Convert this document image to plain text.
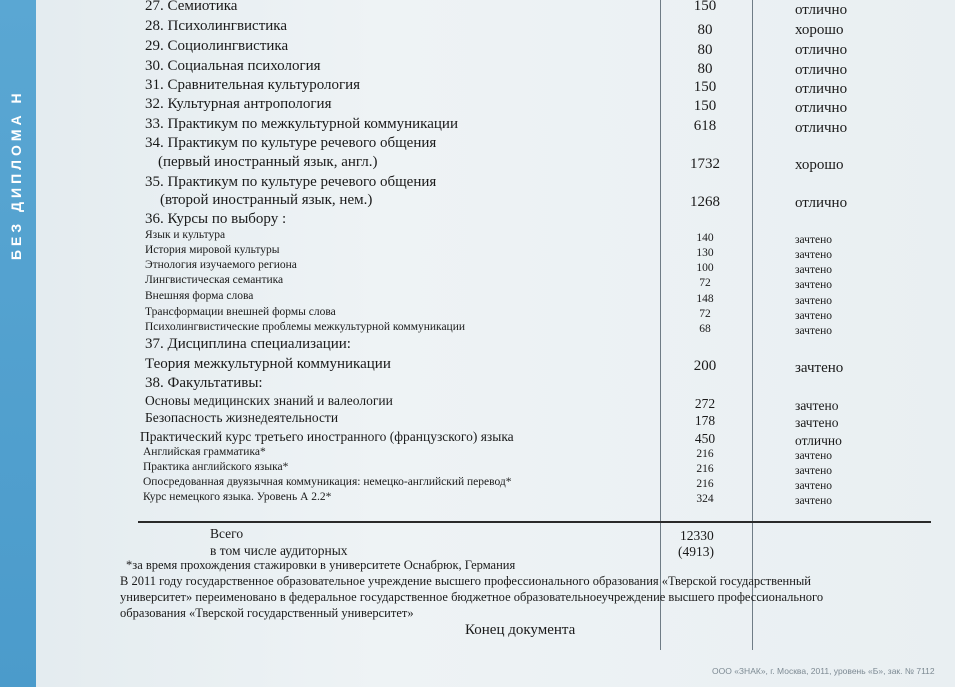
БЕЗ ДИПЛОМА Н
27. Семиотика	150	отлично
28. Психолингвистика	80	хорошо
29. Социолингвистика	80	отлично
30. Социальная психология	80	отлично
31. Сравнительная культурология	150	отлично
32. Культурная антропология	150	отлично
33. Практикум по межкультурной коммуникации	618	отлично
34. Практикум по культуре речевого общения
(первый иностранный язык, англ.)	1732	хорошо
35. Практикум по культуре речевого общения
(второй иностранный язык, нем.)	1268	отлично
36. Курсы по выбору :
Язык и культура	140	зачтено
История мировой культуры	130	зачтено
Этнология изучаемого региона	100	зачтено
Лингвистическая семантика	72	зачтено
Внешняя форма слова	148	зачтено
Трансформации внешней формы слова	72	зачтено
Психолингвистические проблемы межкультурной коммуникации	68	зачтено
37. Дисциплина специализации:
Теория межкультурной коммуникации	200	зачтено
38. Факультативы:
Основы медицинских знаний и валеологии	272	зачтено
Безопасность жизнедеятельности	178	зачтено
Практический курс третьего иностранного (французского) языка	450	отлично
Английская грамматика*	216	зачтено
Практика английского языка*	216	зачтено
Опосредованная двуязычная коммуникация: немецко-английский перевод*	216	зачтено
Курс немецкого языка. Уровень А 2.2*	324	зачтено
Всего	12330
в том числе аудиторных	(4913)
*за время прохождения стажировки в университете Оснабрюк, Германия
В 2011 году государственное образовательное учреждение высшего профессионального образования «Тверской государственный
университет» переименовано в федеральное государственное бюджетное образовательноеучреждение высшего профессионального
образования «Тверской государственный университет»
Конец документа
ООО «ЗНАК», г. Москва, 2011, уровень «Б», зак. № 7112
